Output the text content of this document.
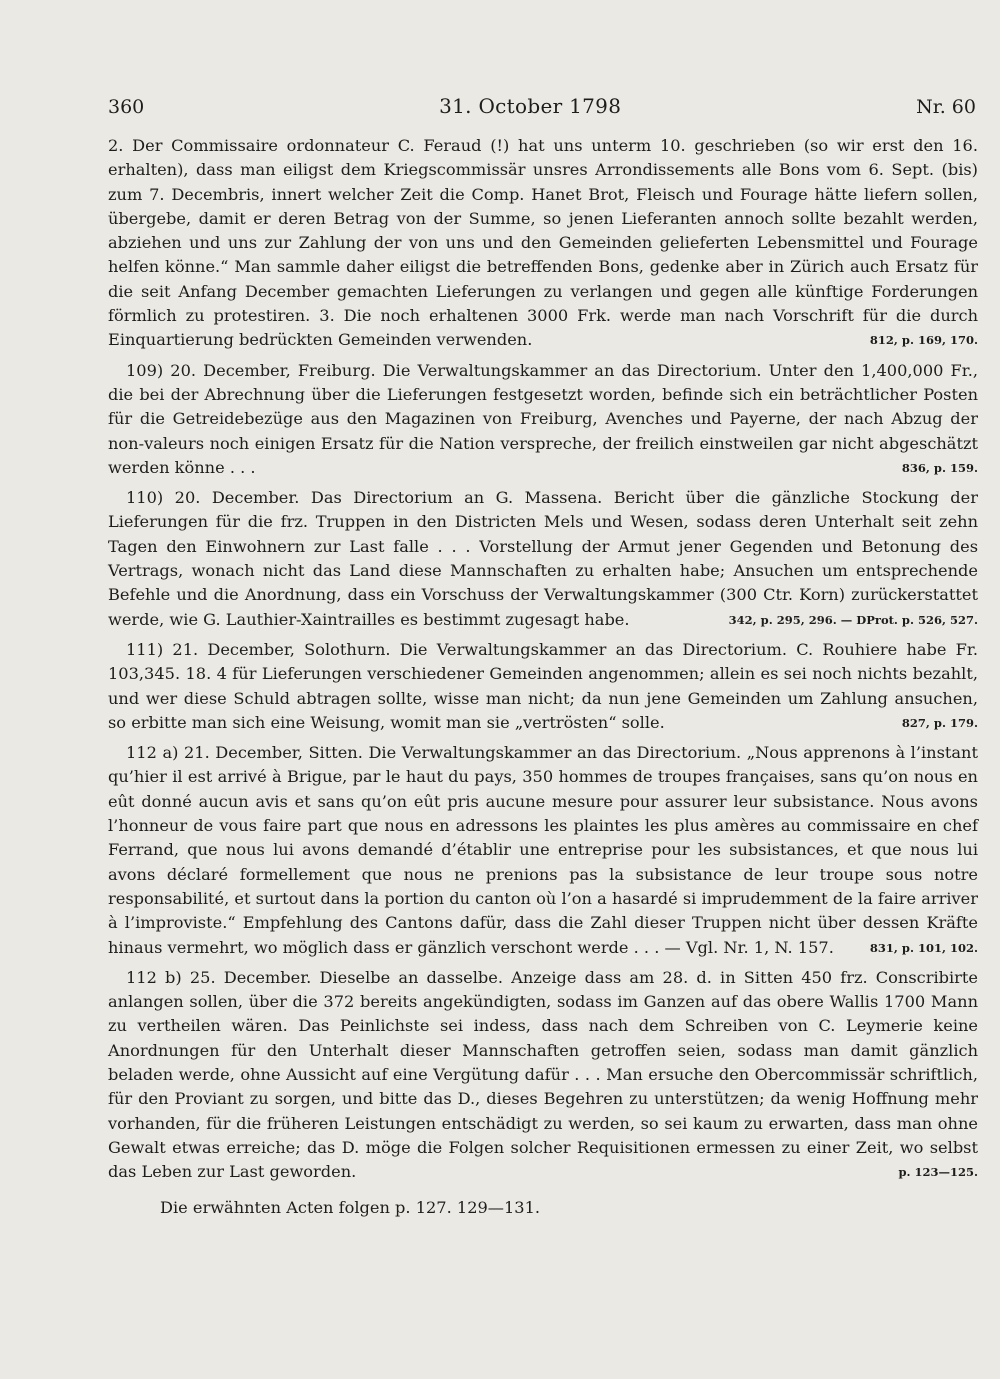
360	31. October 1798	Nr. 60

2. Der Commissaire ordonnateur C. Feraud (!) hat uns unterm 10. geschrieben (so wir erst den 16. erhalten), dass man eiligst dem Kriegscommissär unsres Arrondissements alle Bons vom 6. Sept. (bis) zum 7. Decembris, innert welcher Zeit die Comp. Hanet Brot, Fleisch und Fourage hätte liefern sollen, übergebe, damit er deren Betrag von der Summe, so jenen Lieferanten annoch sollte bezahlt werden, abziehen und uns zur Zahlung der von uns und den Gemeinden gelieferten Lebensmittel und Fourage helfen könne.“ Man sammle daher eiligst die betreffenden Bons, gedenke aber in Zürich auch Ersatz für die seit Anfang December gemachten Lieferungen zu verlangen und gegen alle künftige Forderungen förmlich zu protestiren. 3. Die noch erhaltenen 3000 Frk. werde man nach Vorschrift für die durch Einquartierung bedrückten Gemeinden verwenden.	812, p. 169, 170.

109) 20. December, Freiburg. Die Verwaltungskammer an das Directorium. Unter den 1,400,000 Fr., die bei der Abrechnung über die Lieferungen festgesetzt worden, befinde sich ein beträchtlicher Posten für die Getreidebezüge aus den Magazinen von Freiburg, Avenches und Payerne, der nach Abzug der non-valeurs noch einigen Ersatz für die Nation verspreche, der freilich einstweilen gar nicht abgeschätzt werden könne . . .	836, p. 159.

110) 20. December. Das Directorium an G. Massena. Bericht über die gänzliche Stockung der Lieferungen für die frz. Truppen in den Districten Mels und Wesen, sodass deren Unterhalt seit zehn Tagen den Einwohnern zur Last falle . . . Vorstellung der Armut jener Gegenden und Betonung des Vertrags, wonach nicht das Land diese Mannschaften zu erhalten habe; Ansuchen um entsprechende Befehle und die Anordnung, dass ein Vorschuss der Verwaltungskammer (300 Ctr. Korn) zurückerstattet werde, wie G. Lauthier-Xaintrailles es bestimmt zugesagt habe.	342, p. 295, 296. — DProt. p. 526, 527.

111) 21. December, Solothurn. Die Verwaltungskammer an das Directorium. C. Rouhiere habe Fr. 103,345. 18. 4 für Lieferungen verschiedener Gemeinden angenommen; allein es sei noch nichts bezahlt, und wer diese Schuld abtragen sollte, wisse man nicht; da nun jene Gemeinden um Zahlung ansuchen, so erbitte man sich eine Weisung, womit man sie „vertrösten“ solle.	827, p. 179.

112 a) 21. December, Sitten. Die Verwaltungskammer an das Directorium. „Nous apprenons à l’instant qu’hier il est arrivé à Brigue, par le haut du pays, 350 hommes de troupes françaises, sans qu’on nous en eût donné aucun avis et sans qu’on eût pris aucune mesure pour assurer leur subsistance. Nous avons l’honneur de vous faire part que nous en adressons les plaintes les plus amères au commissaire en chef Ferrand, que nous lui avons demandé d’établir une entreprise pour les subsistances, et que nous lui avons déclaré formellement que nous ne prenions pas la subsistance de leur troupe sous notre responsabilité, et surtout dans la portion du canton où l’on a hasardé si imprudemment de la faire arriver à l’improviste.“ Empfehlung des Cantons dafür, dass die Zahl dieser Truppen nicht über dessen Kräfte hinaus vermehrt, wo möglich dass er gänzlich verschont werde . . . — Vgl. Nr. 1, N. 157.	831, p. 101, 102.

112 b) 25. December. Dieselbe an dasselbe. Anzeige dass am 28. d. in Sitten 450 frz. Conscribirte anlangen sollen, über die 372 bereits angekündigten, sodass im Ganzen auf das obere Wallis 1700 Mann zu vertheilen wären. Das Peinlichste sei indess, dass nach dem Schreiben von C. Leymerie keine Anordnungen für den Unterhalt dieser Mannschaften getroffen seien, sodass man damit gänzlich beladen werde, ohne Aussicht auf eine Vergütung dafür . . . Man ersuche den Obercommissär schriftlich, für den Proviant zu sorgen, und bitte das D., dieses Begehren zu unterstützen; da wenig Hoffnung mehr vorhanden, für die früheren Leistungen entschädigt zu werden, so sei kaum zu erwarten, dass man ohne Gewalt etwas erreiche; das D. möge die Folgen solcher Requisitionen ermessen zu einer Zeit, wo selbst das Leben zur Last geworden.	p. 123—125.

Die erwähnten Acten folgen p. 127. 129—131.
